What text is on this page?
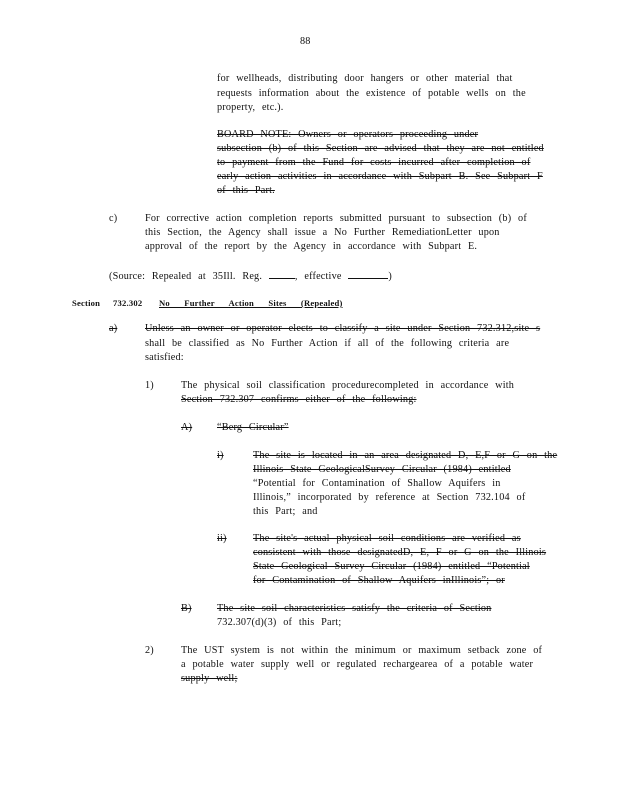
88
for wellheads, distributing door hangers or other material that
requests information about the existence of potable wells on the
property, etc.).
BOARD NOTE: Owners or operators proceeding under
subsection (b) of this Section are advised that they are not entitled
to payment from the Fund for costs incurred after completion of
early action activities in accordance with Subpart B. See Subpart F
of this Part.
c)	For corrective action completion reports submitted pursuant to subsection (b) of
this Section, the Agency shall issue a No Further RemediationLetter upon
approval of the report by the Agency in accordance with Subpart E.
(Source: Repealed at 35Ill. Reg.	, effective	)
Section 732.302 No Further Action Sites (Repealed)
a)	Unless an owner or operator elects to classify a site under Section 732.312,site s
shall be classified as No Further Action if all of the following criteria are
satisfied:
1)	The physical soil classification procedurecompleted in accordance with
Section 732.307 confirms either of the following:
A) “Berg Circular”
i)	The site is located in an area designated D, E,F or G on the
Illinois State GeologicalSurvey Circular (1984) entitled
“Potential for Contamination of Shallow Aquifers in
Illinois,” incorporated by reference at Section 732.104 of
this Part; and
ii)	The site's actual physical soil conditions are verified as
consistent with those designatedD, E, F or G on the Illinois
State Geological Survey Circular (1984) entitled “Potential
for Contamination of Shallow Aquifers inIllinois”; or
B) The site soil characteristics satisfy the criteria of Section
732.307(d)(3) of this Part;
2)	The UST system is not within the minimum or maximum setback zone of
a potable water supply well or regulated rechargearea of a potable water
supply well;
